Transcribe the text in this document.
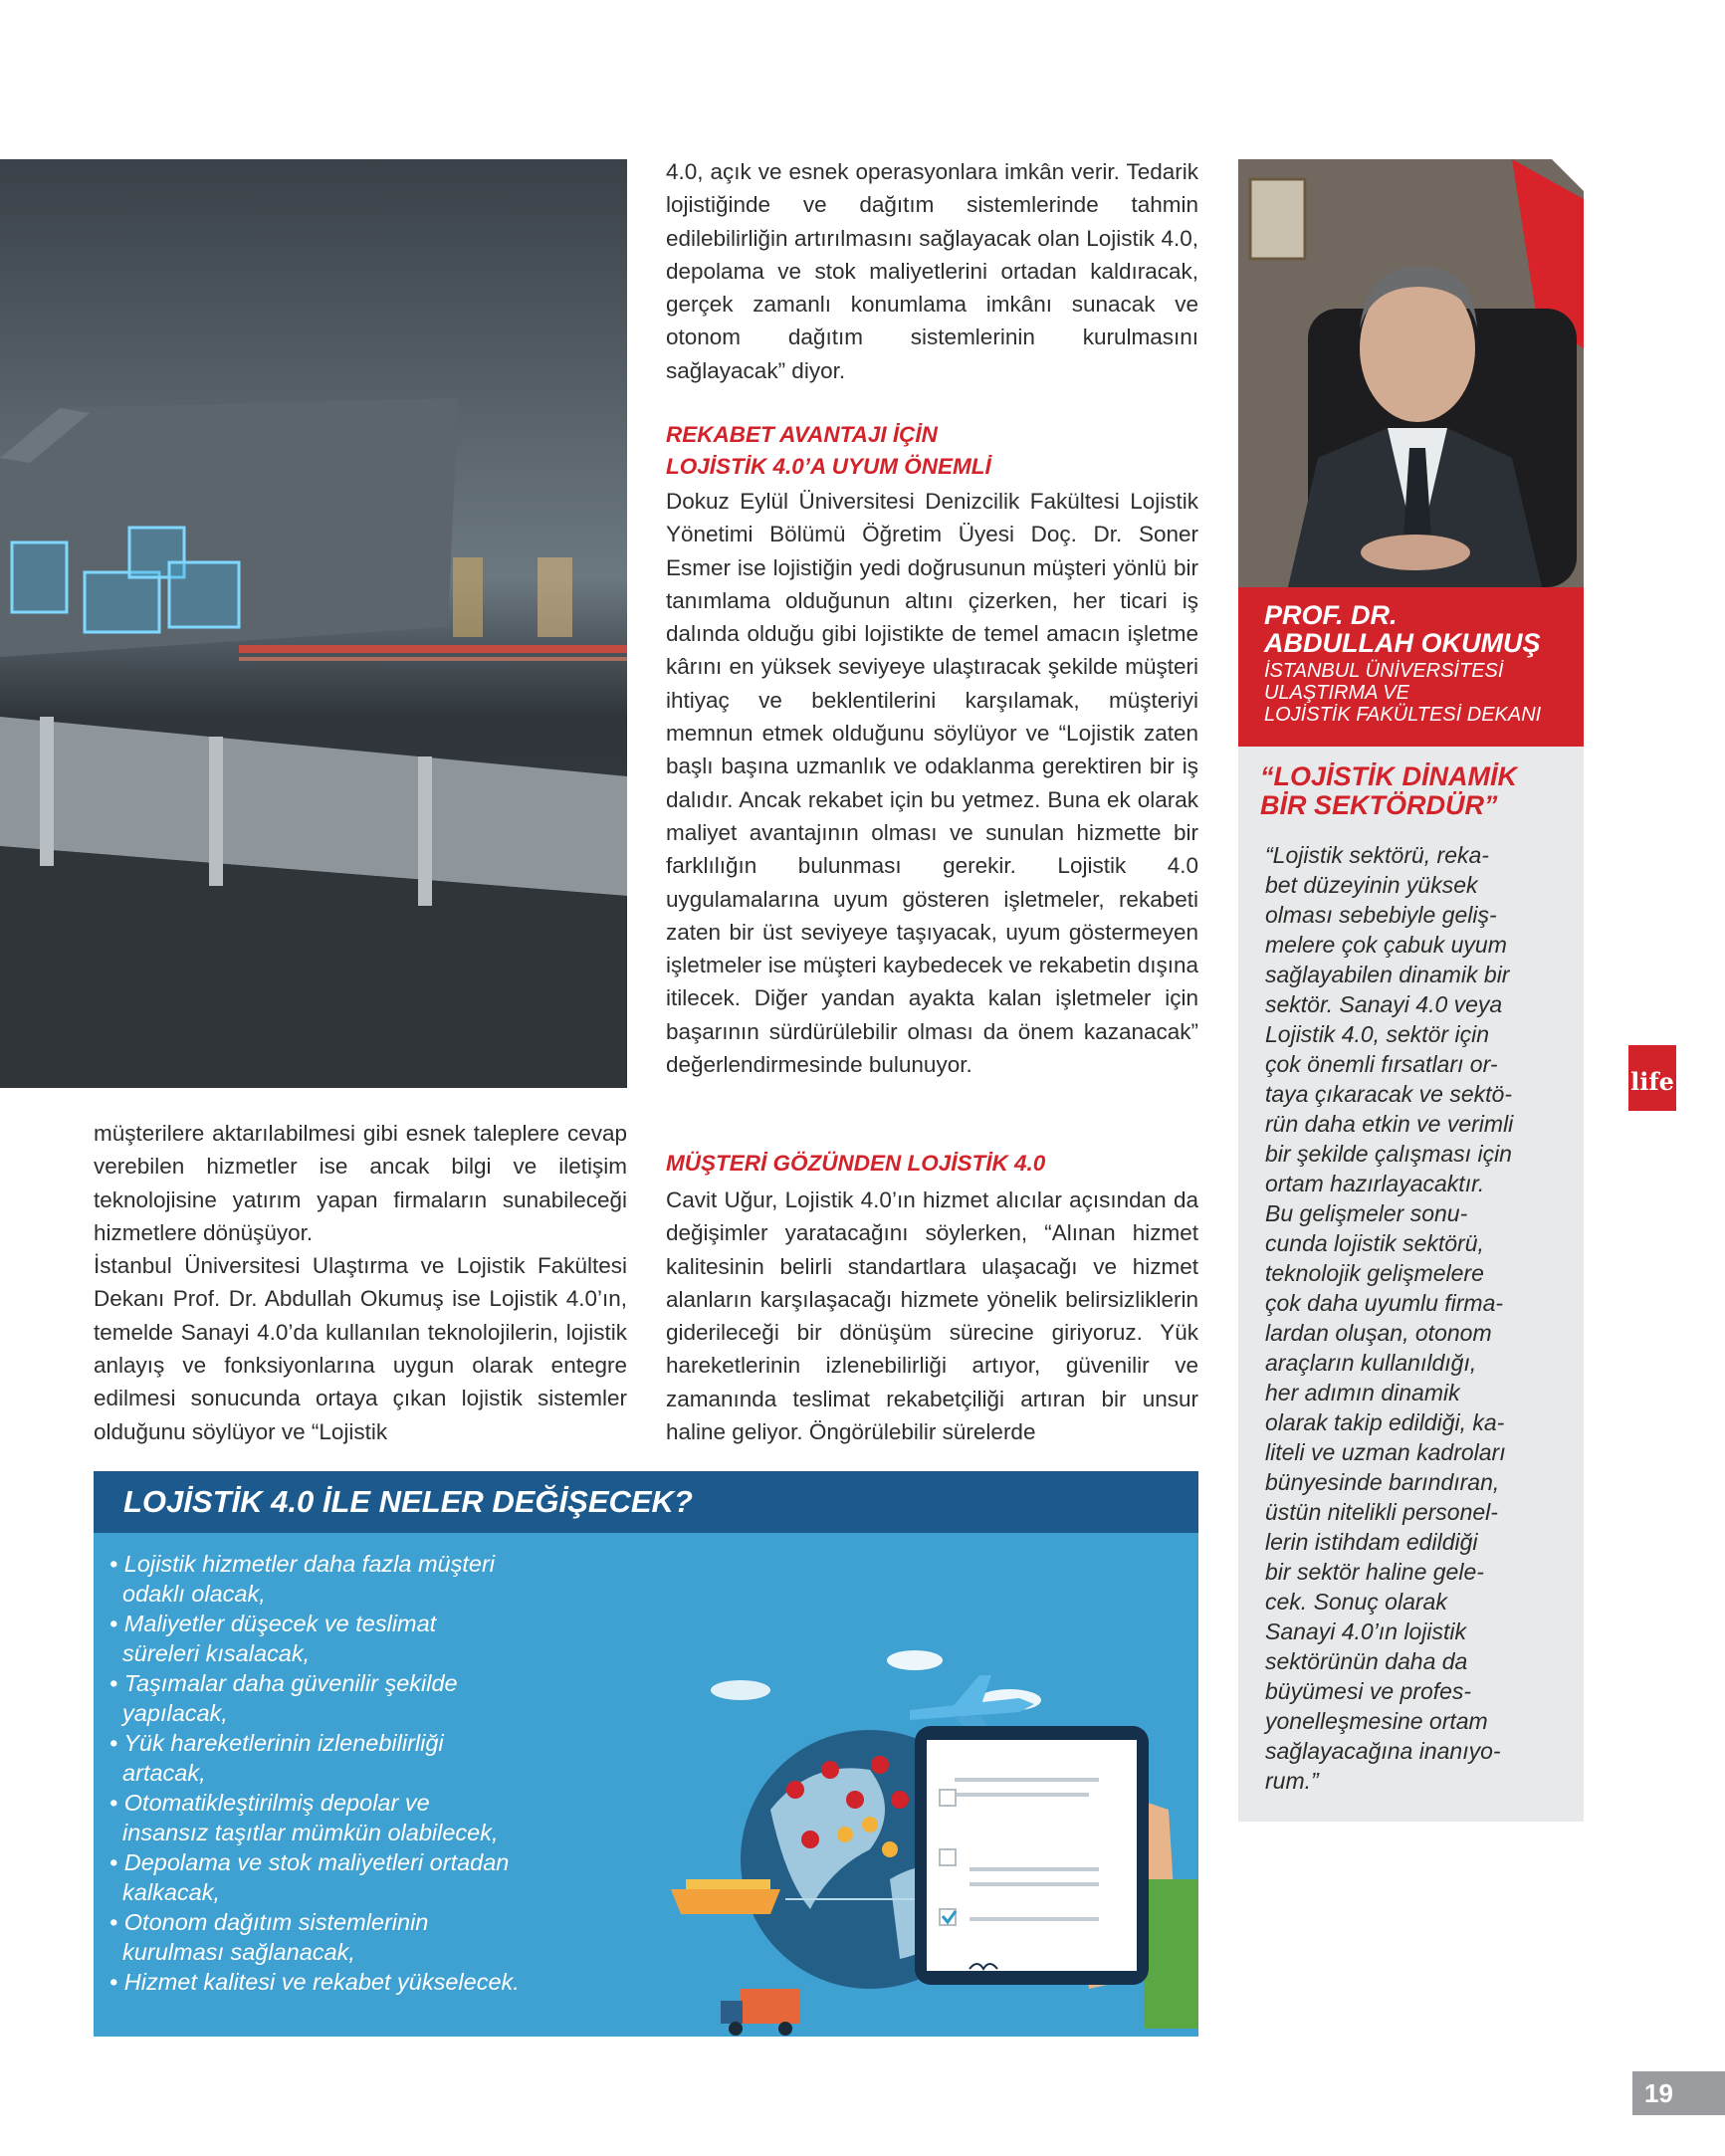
4.0, açık ve esnek operasyonlara imkân verir. Tedarik lojistiğinde ve dağıtım sistemlerinde tahmin edilebilirliğin artırılmasını sağlayacak olan Lojistik 4.0, depolama ve stok maliyetlerini ortadan kaldıracak, gerçek zamanlı konumlama imkânı sunacak ve otonom dağıtım sistemlerinin kurulmasını sağlayacak” diyor.

REKABET AVANTAJI İÇİN
LOJİSTİK 4.0’A UYUM ÖNEMLİ

Dokuz Eylül Üniversitesi Denizcilik Fakültesi Lojistik Yönetimi Bölümü Öğretim Üyesi Doç. Dr. Soner Esmer ise lojistiğin yedi doğrusunun müşteri yönlü bir tanımlama olduğunun altını çizerken, her ticari iş dalında olduğu gibi lojistikte de temel amacın işletme kârını en yüksek seviyeye ulaştıracak şekilde müşteri ihtiyaç ve beklentilerini karşılamak, müşteriyi memnun etmek olduğunu söylüyor ve “Lojistik zaten başlı başına uzmanlık ve odaklanma gerektiren bir iş dalıdır. Ancak rekabet için bu yetmez. Buna ek olarak maliyet avantajının olması ve sunulan hizmette bir farklılığın bulunması gerekir. Lojistik 4.0 uygulamalarına uyum gösteren işletmeler, rekabeti zaten bir üst seviyeye taşıyacak, uyum göstermeyen işletmeler ise müşteri kaybedecek ve rekabetin dışına itilecek. Diğer yandan ayakta kalan işletmeler için başarının sürdürülebilir olması da önem kazanacak” değerlendirmesinde bulunuyor.

MÜŞTERİ GÖZÜNDEN LOJİSTİK 4.0

Cavit Uğur, Lojistik 4.0’ın hizmet alıcılar açısından da değişimler yaratacağını söylerken, “Alınan hizmet kalitesinin belirli standartlara ulaşacağı ve hizmet alanların karşılaşacağı hizmete yönelik belirsizliklerin giderileceği bir dönüşüm sürecine giriyoruz. Yük hareketlerinin izlenebilirliği artıyor, güvenilir ve zamanında teslimat rekabetçiliği artıran bir unsur haline geliyor. Öngörülebilir sürelerde

müşterilere aktarılabilmesi gibi esnek taleplere cevap verebilen hizmetler ise ancak bilgi ve iletişim teknolojisine yatırım yapan firmaların sunabileceği hizmetlere dönüşüyor.

İstanbul Üniversitesi Ulaştırma ve Lojistik Fakültesi Dekanı Prof. Dr. Abdullah Okumuş ise Lojistik 4.0’ın, temelde Sanayi 4.0’da kullanılan teknolojilerin, lojistik anlayış ve fonksiyonlarına uygun olarak entegre edilmesi sonucunda ortaya çıkan lojistik sistemler olduğunu söylüyor ve “Lojistik

PROF. DR.
ABDULLAH OKUMUŞ
İSTANBUL ÜNİVERSİTESİ
ULAŞTIRMA VE
LOJİSTİK FAKÜLTESİ DEKANI
“LOJİSTİK DİNAMİK
BİR SEKTÖRDÜR”
“Lojistik sektörü, reka-
bet düzeyinin yüksek
olması sebebiyle geliş-
melere çok çabuk uyum
sağlayabilen dinamik bir
sektör. Sanayi 4.0 veya
Lojistik 4.0, sektör için
çok önemli fırsatları or-
taya çıkaracak ve sektö-
rün daha etkin ve verimli
bir şekilde çalışması için
ortam hazırlayacaktır.
Bu gelişmeler sonu-
cunda lojistik sektörü,
teknolojik gelişmelere
çok daha uyumlu firma-
lardan oluşan, otonom
araçların kullanıldığı,
her adımın dinamik
olarak takip edildiği, ka-
liteli ve uzman kadroları
bünyesinde barındıran,
üstün nitelikli personel-
lerin istihdam edildiği
bir sektör haline gele-
cek. Sonuç olarak
Sanayi 4.0’ın lojistik
sektörünün daha da
büyümesi ve profes-
yonelleşmesine ortam
sağlayacağına inanıyo-
rum.”
life
• Lojistik hizmetler daha fazla müşteri
odaklı olacak,
• Maliyetler düşecek ve teslimat
süreleri kısalacak,
• Taşımalar daha güvenilir şekilde
yapılacak,
• Yük hareketlerinin izlenebilirliği
artacak,
• Otomatikleştirilmiş depolar ve
insansız taşıtlar mümkün olabilecek,
• Depolama ve stok maliyetleri ortadan
kalkacak,
• Otonom dağıtım sistemlerinin
kurulması sağlanacak,
• Hizmet kalitesi ve rekabet yükselecek.
LOJİSTİK 4.0 İLE NELER DEĞİŞECEK?
19
